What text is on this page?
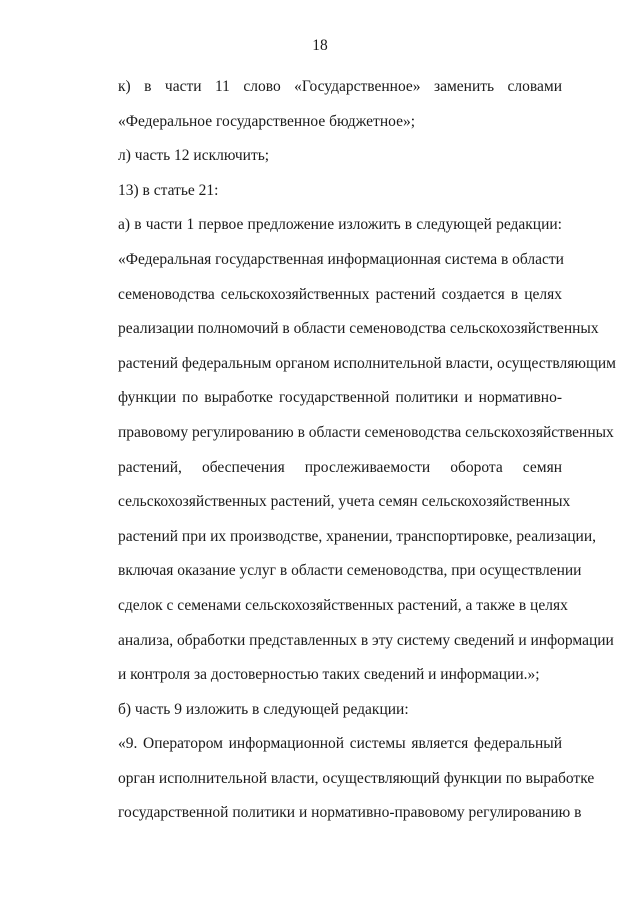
18
к) в части 11 слово «Государственное» заменить словами
«Федеральное государственное бюджетное»;
л) часть 12 исключить;
13) в статье 21:
а) в части 1 первое предложение изложить в следующей редакции:
«Федеральная государственная информационная система в области
семеноводства сельскохозяйственных растений создается в целях
реализации полномочий в области семеноводства сельскохозяйственных
растений федеральным органом исполнительной власти, осуществляющим
функции по выработке государственной политики и нормативно-
правовому регулированию в области семеноводства сельскохозяйственных
растений, обеспечения прослеживаемости оборота семян
сельскохозяйственных растений, учета семян сельскохозяйственных
растений при их производстве, хранении, транспортировке, реализации,
включая оказание услуг в области семеноводства, при осуществлении
сделок с семенами сельскохозяйственных растений, а также в целях
анализа, обработки представленных в эту систему сведений и информации
и контроля за достоверностью таких сведений и информации.»;
б) часть 9 изложить в следующей редакции:
«9. Оператором информационной системы является федеральный
орган исполнительной власти, осуществляющий функции по выработке
государственной политики и нормативно-правовому регулированию в
